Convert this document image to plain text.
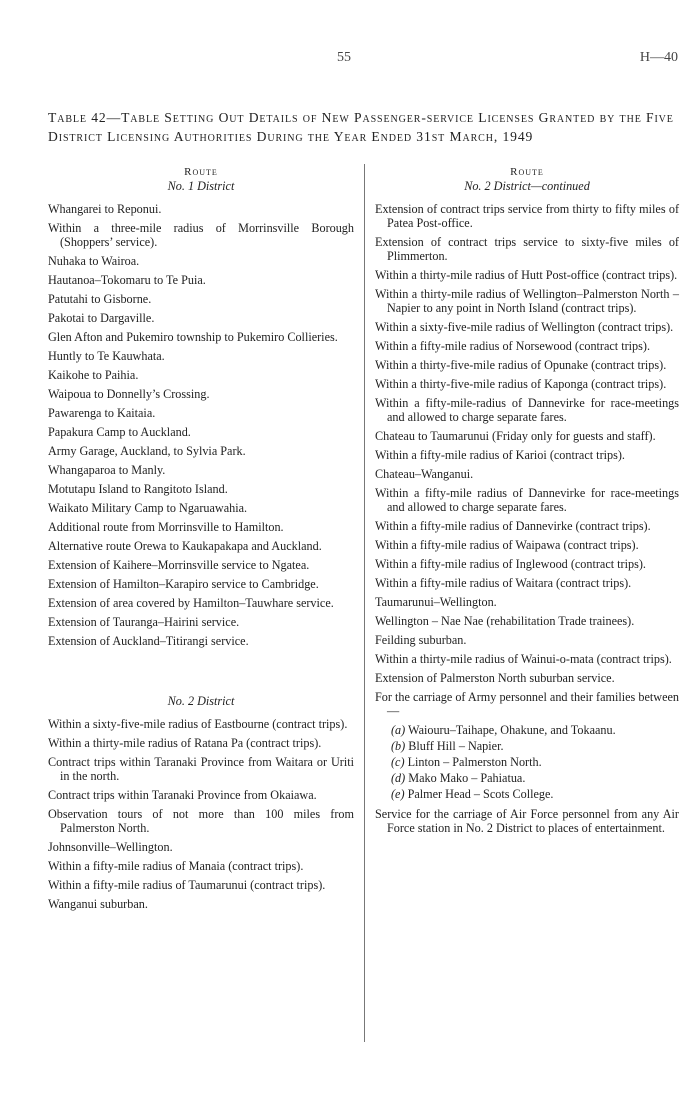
55	H—40
Table 42—Table Setting Out Details of New Passenger-service Licenses Granted by the Five District Licensing Authorities During the Year Ended 31st March, 1949
Route
No. 1 District
Whangarei to Reponui.
Within a three-mile radius of Morrinsville Borough (Shoppers’ service).
Nuhaka to Wairoa.
Hautanoa–Tokomaru to Te Puia.
Patutahi to Gisborne.
Pakotai to Dargaville.
Glen Afton and Pukemiro township to Pukemiro Collieries.
Huntly to Te Kauwhata.
Kaikohe to Paihia.
Waipoua to Donnelly’s Crossing.
Pawarenga to Kaitaia.
Papakura Camp to Auckland.
Army Garage, Auckland, to Sylvia Park.
Whangaparoa to Manly.
Motutapu Island to Rangitoto Island.
Waikato Military Camp to Ngaruawahia.
Additional route from Morrinsville to Hamilton.
Alternative route Orewa to Kaukapakapa and Auckland.
Extension of Kaihere–Morrinsville service to Ngatea.
Extension of Hamilton–Karapiro service to Cambridge.
Extension of area covered by Hamilton–Tauwhare service.
Extension of Tauranga–Hairini service.
Extension of Auckland–Titirangi service.
No. 2 District
Within a sixty-five-mile radius of Eastbourne (contract trips).
Within a thirty-mile radius of Ratana Pa (contract trips).
Contract trips within Taranaki Province from Waitara or Uriti in the north.
Contract trips within Taranaki Province from Okaiawa.
Observation tours of not more than 100 miles from Palmerston North.
Johnsonville–Wellington.
Within a fifty-mile radius of Manaia (contract trips).
Within a fifty-mile radius of Taumarunui (contract trips).
Wanganui suburban.
Route
No. 2 District—continued
Extension of contract trips service from thirty to fifty miles of Patea Post-office.
Extension of contract trips service to sixty-five miles of Plimmerton.
Within a thirty-mile radius of Hutt Post-office (contract trips).
Within a thirty-mile radius of Wellington–Palmerston North – Napier to any point in North Island (contract trips).
Within a sixty-five-mile radius of Wellington (contract trips).
Within a fifty-mile radius of Norsewood (contract trips).
Within a thirty-five-mile radius of Opunake (contract trips).
Within a thirty-five-mile radius of Kaponga (contract trips).
Within a fifty-mile-radius of Dannevirke for race-meetings and allowed to charge separate fares.
Chateau to Taumarunui (Friday only for guests and staff).
Within a fifty-mile radius of Karioi (contract trips).
Chateau–Wanganui.
Within a fifty-mile radius of Dannevirke for race-meetings and allowed to charge separate fares.
Within a fifty-mile radius of Dannevirke (contract trips).
Within a fifty-mile radius of Waipawa (contract trips).
Within a fifty-mile radius of Inglewood (contract trips).
Within a fifty-mile radius of Waitara (contract trips).
Taumarunui–Wellington.
Wellington – Nae Nae (rehabilitation Trade trainees).
Feilding suburban.
Within a thirty-mile radius of Wainui-o-mata (contract trips).
Extension of Palmerston North suburban service.
For the carriage of Army personnel and their families between—
(a) Waiouru–Taihape, Ohakune, and Tokaanu.
(b) Bluff Hill – Napier.
(c) Linton – Palmerston North.
(d) Mako Mako – Pahiatua.
(e) Palmer Head – Scots College.
Service for the carriage of Air Force personnel from any Air Force station in No. 2 District to places of entertainment.
